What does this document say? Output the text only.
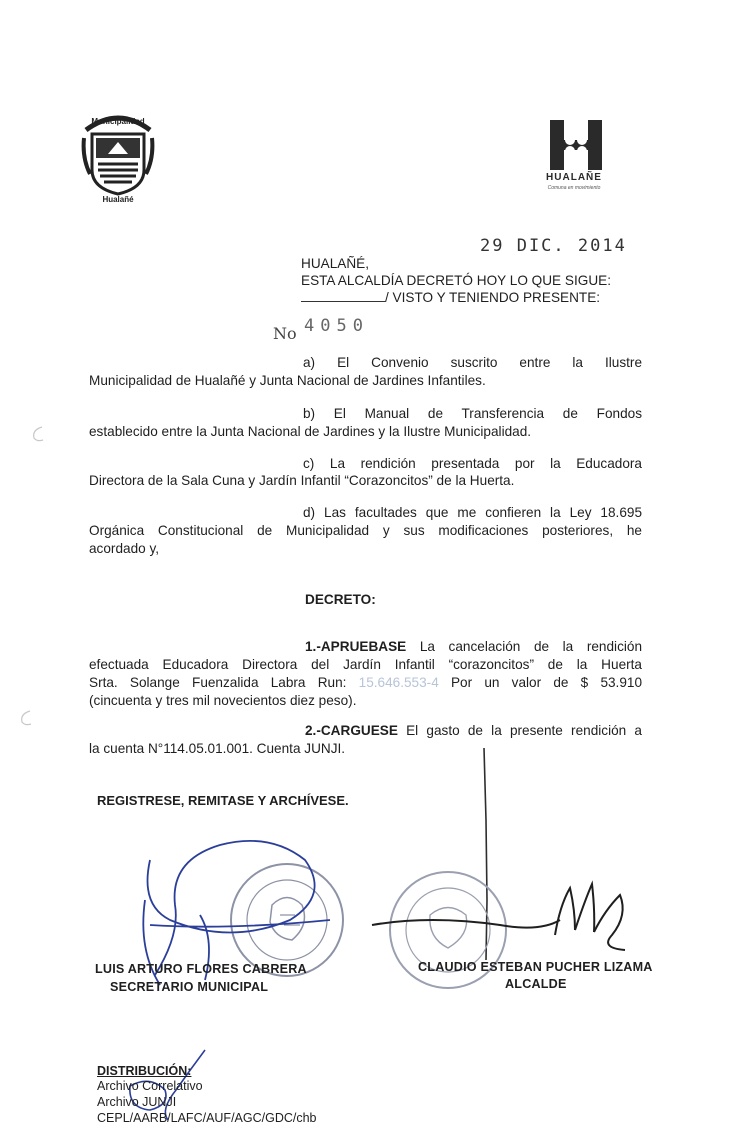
Municipalidad
Hualañé
HUALAÑE
Comuna en movimiento
29 DIC. 2014
HUALAÑÉ,
ESTA ALCALDÍA DECRETÓ HOY LO QUE SIGUE:
/ VISTO Y TENIENDO PRESENTE:
No 4050
a) El Convenio suscrito entre la Ilustre
Municipalidad de Hualañé y Junta Nacional de Jardines Infantiles.
b) El Manual de Transferencia de Fondos
establecido entre la Junta Nacional de Jardines y la Ilustre Municipalidad.
c) La rendición presentada por la Educadora
Directora de la Sala Cuna y Jardín Infantil “Corazoncitos” de la Huerta.
d) Las facultades que me confieren la Ley 18.695
Orgánica Constitucional de Municipalidad y sus modificaciones posteriores, he
acordado y,
DECRETO:
1.-APRUEBASE La cancelación de la rendición
efectuada Educadora Directora del Jardín Infantil “corazoncitos” de la Huerta
Srta. Solange Fuenzalida Labra Run: 15.646.553-4 Por un valor de $ 53.910
(cincuenta y tres mil novecientos diez peso).
2.-CARGUESE El gasto de la presente rendición a
la cuenta N°114.05.01.001. Cuenta JUNJI.
REGISTRESE, REMITASE Y ARCHÍVESE.
LUIS ARTURO FLORES CABRERA
SECRETARIO MUNICIPAL
CLAUDIO ESTEBAN PUCHER LIZAMA
ALCALDE
DISTRIBUCIÓN:
Archivo Correlativo
Archivo JUNJI
CEPL/AARB/LAFC/AUF/AGC/GDC/chb
